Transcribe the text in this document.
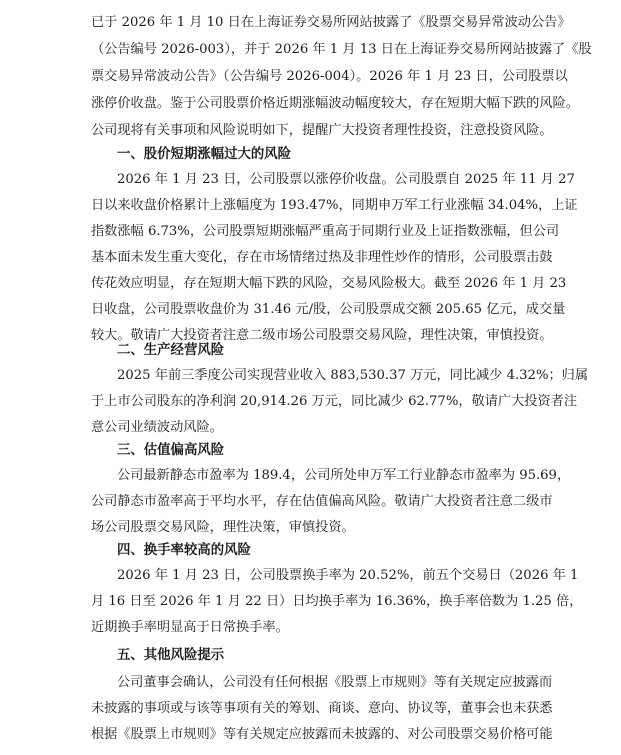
已于 2026 年 1 月 10 日在上海证券交易所网站披露了《股票交易异常波动公告》
（公告编号 2026-003），并于 2026 年 1 月 13 日在上海证券交易所网站披露了《股
票交易异常波动公告》（公告编号 2026-004）。2026 年 1 月 23 日，公司股票以
涨停价收盘。鉴于公司股票价格近期涨幅波动幅度较大，存在短期大幅下跌的风险。
公司现将有关事项和风险说明如下，提醒广大投资者理性投资，注意投资风险。
一、股价短期涨幅过大的风险
2026 年 1 月 23 日，公司股票以涨停价收盘。公司股票自 2025 年 11 月 27
日以来收盘价格累计上涨幅度为 193.47%，同期申万军工行业涨幅 34.04%，上证
指数涨幅 6.73%，公司股票短期涨幅严重高于同期行业及上证指数涨幅，但公司
基本面未发生重大变化，存在市场情绪过热及非理性炒作的情形，公司股票击鼓
传花效应明显，存在短期大幅下跌的风险，交易风险极大。截至 2026 年 1 月 23
日收盘，公司股票收盘价为 31.46 元/股，公司股票成交额 205.65 亿元，成交量
较大。敬请广大投资者注意二级市场公司股票交易风险，理性决策，审慎投资。
二、生产经营风险
2025 年前三季度公司实现营业收入 883,530.37 万元，同比减少 4.32%；归属
于上市公司股东的净利润 20,914.26 万元，同比减少 62.77%，敬请广大投资者注
意公司业绩波动风险。
三、估值偏高风险
公司最新静态市盈率为 189.4，公司所处申万军工行业静态市盈率为 95.69，
公司静态市盈率高于平均水平，存在估值偏高风险。敬请广大投资者注意二级市
场公司股票交易风险，理性决策，审慎投资。
四、换手率较高的风险
2026 年 1 月 23 日，公司股票换手率为 20.52%，前五个交易日（2026 年 1
月 16 日至 2026 年 1 月 22 日）日均换手率为 16.36%，换手率倍数为 1.25 倍，
近期换手率明显高于日常换手率。
五、其他风险提示
公司董事会确认，公司没有任何根据《股票上市规则》等有关规定应披露而
未披露的事项或与该等事项有关的筹划、商谈、意向、协议等，董事会也未获悉
根据《股票上市规则》等有关规定应披露而未披露的、对公司股票交易价格可能
